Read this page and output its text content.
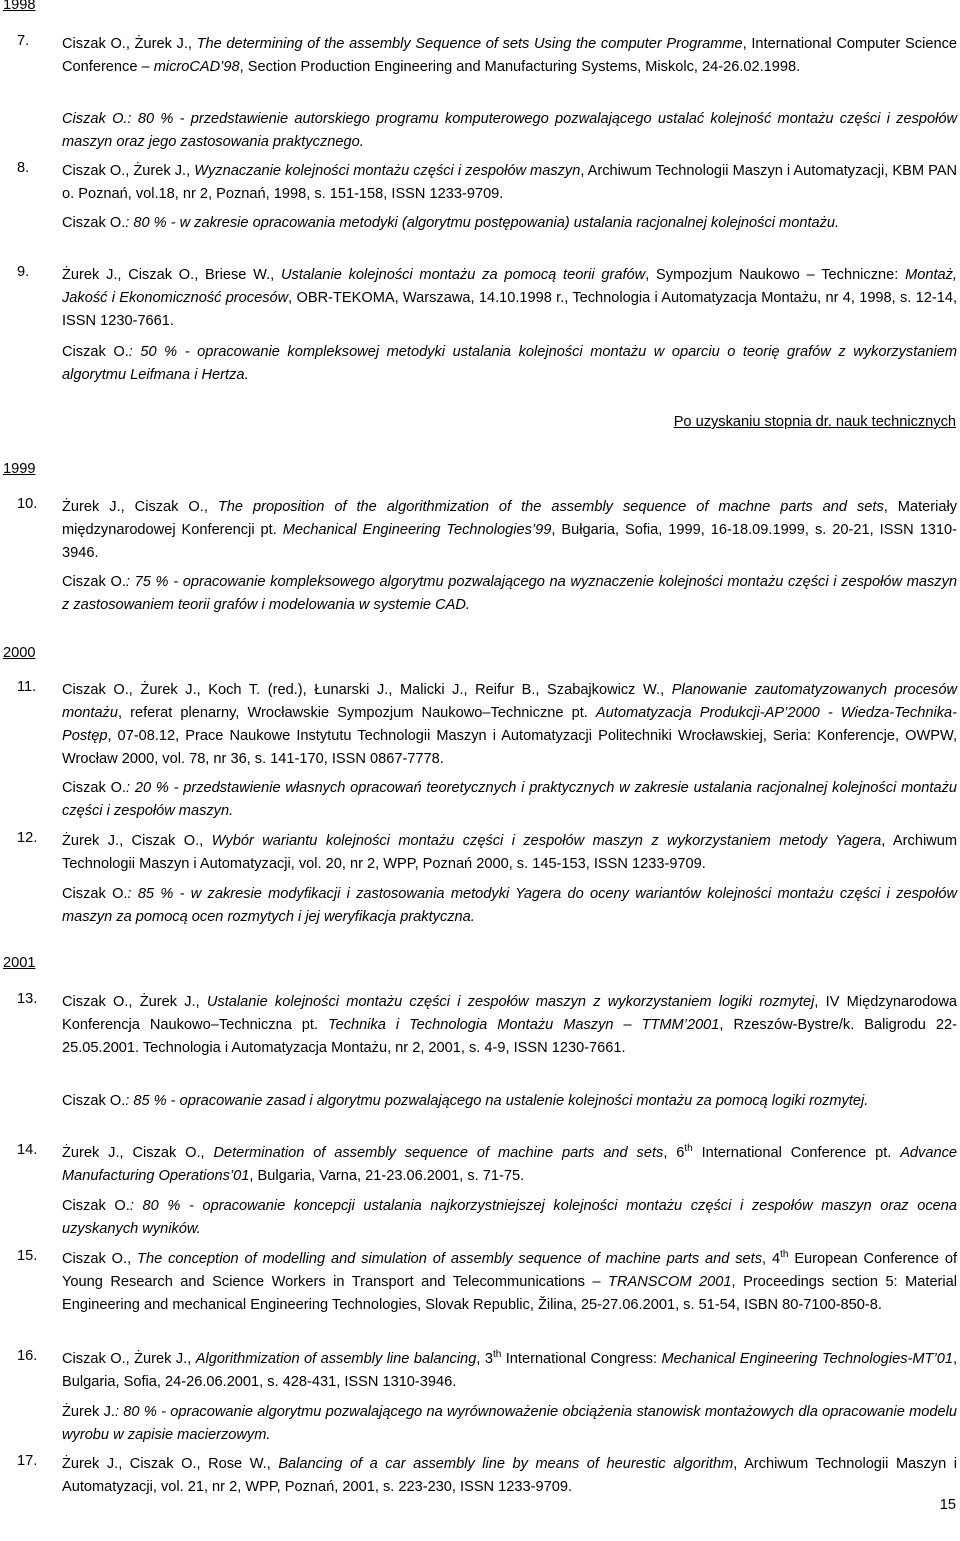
1998
1999
2000
2001
7. Ciszak O., Żurek J., The determining of the assembly Sequence of sets Using the computer Programme, International Computer Science Conference – microCAD’98, Section Production Engineering and Manufacturing Systems, Miskolc, 24-26.02.1998.
Ciszak O.: 80 % - przedstawienie autorskiego programu komputerowego pozwalającego ustalać kolejność montażu części i zespołów maszyn oraz jego zastosowania praktycznego.
8. Ciszak O., Żurek J., Wyznaczanie kolejności montażu części i zespołów maszyn, Archiwum Technologii Maszyn i Automatyzacji, KBM PAN o. Poznań, vol.18, nr 2, Poznań, 1998, s. 151-158, ISSN 1233-9709.
Ciszak O.: 80 % - w zakresie opracowania metodyki (algorytmu postępowania) ustalania racjonalnej kolejności montażu.
9. Żurek J., Ciszak O., Briese W., Ustalanie kolejności montażu za pomocą teorii grafów, Sympozjum Naukowo – Techniczne: Montaż, Jakość i Ekonomiczność procesów, OBR-TEKOMA, Warszawa, 14.10.1998 r., Technologia i Automatyzacja Montażu, nr 4, 1998, s. 12-14, ISSN 1230-7661.
Ciszak O.: 50 % - opracowanie kompleksowej metodyki ustalania kolejności montażu w oparciu o teorię grafów z wykorzystaniem algorytmu Leifmana i Hertza.
Po uzyskaniu stopnia dr. nauk technicznych
10. Żurek J., Ciszak O., The proposition of the algorithmization of the assembly sequence of machne parts and sets, Materiały międzynarodowej Konferencji pt. Mechanical Engineering Technologies’99, Bułgaria, Sofia, 1999, 16-18.09.1999, s. 20-21, ISSN 1310-3946.
Ciszak O.: 75 % - opracowanie kompleksowego algorytmu pozwalającego na wyznaczenie kolejności montażu części i zespołów maszyn z zastosowaniem teorii grafów i modelowania w systemie CAD.
11. Ciszak O., Żurek J., Koch T. (red.), Łunarski J., Malicki J., Reifur B., Szabajkowicz W., Planowanie zautomatyzowanych procesów montażu, referat plenarny, Wrocławskie Sympozjum Naukowo–Techniczne pt. Automatyzacja Produkcji-AP’2000 - Wiedza-Technika-Postęp, 07-08.12, Prace Naukowe Instytutu Technologii Maszyn i Automatyzacji Politechniki Wrocławskiej, Seria: Konferencje, OWPW, Wrocław 2000, vol. 78, nr 36, s. 141-170, ISSN 0867-7778.
Ciszak O.: 20 % - przedstawienie własnych opracowań teoretycznych i praktycznych w zakresie ustalania racjonalnej kolejności montażu części i zespołów maszyn.
12. Żurek J., Ciszak O., Wybór wariantu kolejności montażu części i zespołów maszyn z wykorzystaniem metody Yagera, Archiwum Technologii Maszyn i Automatyzacji, vol. 20, nr 2, WPP, Poznań 2000, s. 145-153, ISSN 1233-9709.
Ciszak O.: 85 % - w zakresie modyfikacji i zastosowania metodyki Yagera do oceny wariantów kolejności montażu części i zespołów maszyn za pomocą ocen rozmytych i jej weryfikacja praktyczna.
13. Ciszak O., Żurek J., Ustalanie kolejności montażu części i zespołów maszyn z wykorzystaniem logiki rozmytej, IV Międzynarodowa Konferencja Naukowo–Techniczna pt. Technika i Technologia Montażu Maszyn – TTMM’2001, Rzeszów-Bystre/k. Baligrodu 22-25.05.2001. Technologia i Automatyzacja Montażu, nr 2, 2001, s. 4-9, ISSN 1230-7661.
Ciszak O.: 85 % - opracowanie zasad i algorytmu pozwalającego na ustalenie kolejności montażu za pomocą logiki rozmytej.
14. Żurek J., Ciszak O., Determination of assembly sequence of machine parts and sets, 6th International Conference pt. Advance Manufacturing Operations’01, Bulgaria, Varna, 21-23.06.2001, s. 71-75.
Ciszak O.: 80 % - opracowanie koncepcji ustalania najkorzystniejszej kolejności montażu części i zespołów maszyn oraz ocena uzyskanych wyników.
15. Ciszak O., The conception of modelling and simulation of assembly sequence of machine parts and sets, 4th European Conference of Young Research and Science Workers in Transport and Telecommunications – TRANSCOM 2001, Proceedings section 5: Material Engineering and mechanical Engineering Technologies, Slovak Republic, Žilina, 25-27.06.2001, s. 51-54, ISBN 80-7100-850-8.
16. Ciszak O., Żurek J., Algorithmization of assembly line balancing, 3th International Congress: Mechanical Engineering Technologies-MT’01, Bulgaria, Sofia, 24-26.06.2001, s. 428-431, ISSN 1310-3946.
Żurek J.: 80 % - opracowanie algorytmu pozwalającego na wyrównoważenie obciążenia stanowisk montażowych dla opracowanie modelu wyrobu w zapisie macierzowym.
17. Żurek J., Ciszak O., Rose W., Balancing of a car assembly line by means of heurestic algorithm, Archiwum Technologii Maszyn i Automatyzacji, vol. 21, nr 2, WPP, Poznań, 2001, s. 223-230, ISSN 1233-9709.
15
